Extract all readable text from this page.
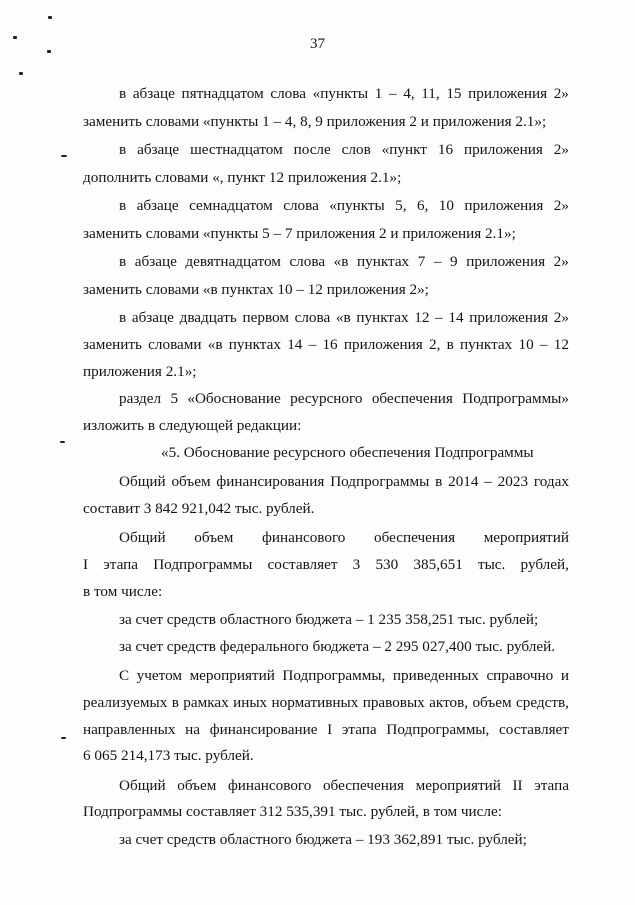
37
в абзаце пятнадцатом слова «пункты 1 – 4, 11, 15 приложения 2»

заменить словами «пункты 1 – 4, 8, 9 приложения 2 и приложения 2.1»;

в абзаце шестнадцатом после слов «пункт 16 приложения 2»

дополнить словами «, пункт 12 приложения 2.1»;

в абзаце семнадцатом слова «пункты 5, 6, 10 приложения 2»

заменить словами «пункты 5 – 7 приложения 2 и приложения 2.1»;

в абзаце девятнадцатом слова «в пунктах 7 – 9 приложения 2»

заменить словами «в пунктах 10 – 12 приложения 2»;

в абзаце двадцать первом слова «в пунктах 12 – 14 приложения 2»
заменить словами «в пунктах 14 – 16 приложения 2, в пунктах 10 – 12

приложения 2.1»;

раздел 5 «Обоснование ресурсного обеспечения Подпрограммы»

изложить в следующей редакции:

«5. Обоснование ресурсного обеспечения Подпрограммы

Общий объем финансирования Подпрограммы в 2014 – 2023 годах

составит 3 842 921,042 тыс. рублей.

Общий объем финансового обеспечения мероприятий
I этапа Подпрограммы составляет 3 530 385,651 тыс. рублей,

в том числе:

за счет средств областного бюджета – 1 235 358,251 тыс. рублей;

за счет средств федерального бюджета – 2 295 027,400 тыс. рублей.

С учетом мероприятий Подпрограммы, приведенных справочно и
реализуемых в рамках иных нормативных правовых актов, объем средств,
направленных на финансирование I этапа Подпрограммы, составляет

6 065 214,173 тыс. рублей.

Общий объем финансового обеспечения мероприятий II этапа

Подпрограммы составляет 312 535,391 тыс. рублей, в том числе:

за счет средств областного бюджета – 193 362,891 тыс. рублей;
